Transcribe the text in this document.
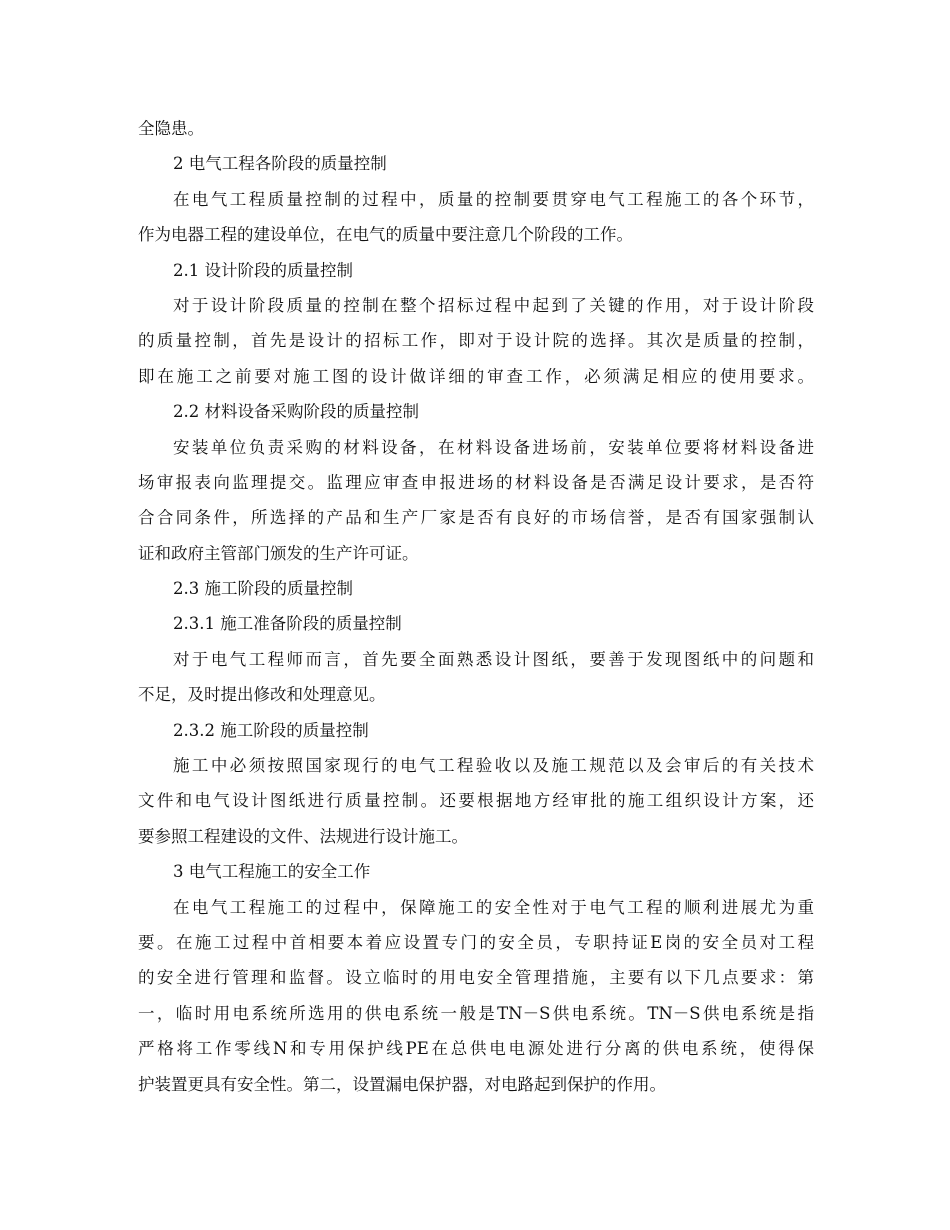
全隐患。
2 电气工程各阶段的质量控制
在电气工程质量控制的过程中，质量的控制要贯穿电气工程施工的各个环节，
作为电器工程的建设单位，在电气的质量中要注意几个阶段的工作。
2.1 设计阶段的质量控制
对于设计阶段质量的控制在整个招标过程中起到了关键的作用，对于设计阶段
的质量控制，首先是设计的招标工作，即对于设计院的选择。其次是质量的控制，
即在施工之前要对施工图的设计做详细的审查工作，必须满足相应的使用要求。
2.2 材料设备采购阶段的质量控制
安装单位负责采购的材料设备，在材料设备进场前，安装单位要将材料设备进
场审报表向监理提交。监理应审查申报进场的材料设备是否满足设计要求，是否符
合合同条件，所选择的产品和生产厂家是否有良好的市场信誉，是否有国家强制认
证和政府主管部门颁发的生产许可证。
2.3 施工阶段的质量控制
2.3.1 施工准备阶段的质量控制
对于电气工程师而言，首先要全面熟悉设计图纸，要善于发现图纸中的问题和
不足，及时提出修改和处理意见。
2.3.2 施工阶段的质量控制
施工中必须按照国家现行的电气工程验收以及施工规范以及会审后的有关技术
文件和电气设计图纸进行质量控制。还要根据地方经审批的施工组织设计方案，还
要参照工程建设的文件、法规进行设计施工。
3 电气工程施工的安全工作
在电气工程施工的过程中，保障施工的安全性对于电气工程的顺利进展尤为重
要。在施工过程中首相要本着应设置专门的安全员，专职持证E岗的安全员对工程
的安全进行管理和监督。设立临时的用电安全管理措施，主要有以下几点要求：第
一，临时用电系统所选用的供电系统一般是TN－S供电系统。TN－S供电系统是指
严格将工作零线N和专用保护线PE在总供电电源处进行分离的供电系统，使得保
护装置更具有安全性。第二，设置漏电保护器，对电路起到保护的作用。
